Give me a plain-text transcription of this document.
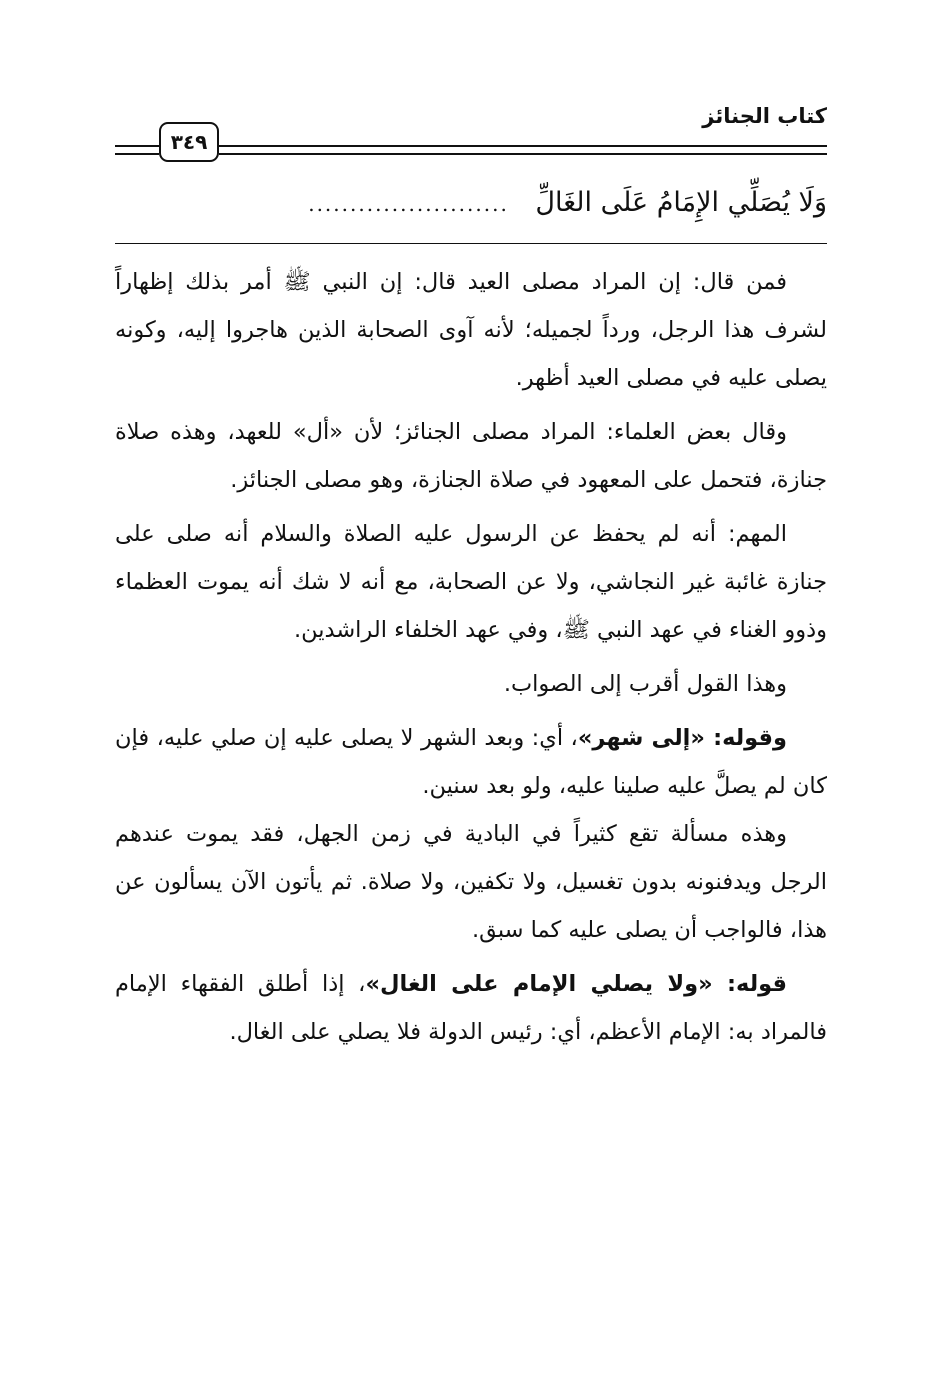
كتاب الجنائز
٣٤٩
وَلَا يُصَلِّي الإِمَامُ عَلَى الغَالِّ ........................

فمن قال: إن المراد مصلى العيد قال: إن النبي ﷺ أمر بذلك إظهاراً لشرف هذا الرجل، ورداً لجميله؛ لأنه آوى الصحابة الذين هاجروا إليه، وكونه يصلى عليه في مصلى العيد أظهر.

وقال بعض العلماء: المراد مصلى الجنائز؛ لأن «أل» للعهد، وهذه صلاة جنازة، فتحمل على المعهود في صلاة الجنازة، وهو مصلى الجنائز.

المهم: أنه لم يحفظ عن الرسول عليه الصلاة والسلام أنه صلى على جنازة غائبة غير النجاشي، ولا عن الصحابة، مع أنه لا شك أنه يموت العظماء وذوو الغناء في عهد النبي ﷺ، وفي عهد الخلفاء الراشدين.

وهذا القول أقرب إلى الصواب.

وقوله: «إلى شهر»، أي: وبعد الشهر لا يصلى عليه إن صلي عليه، فإن كان لم يصلَّ عليه صلينا عليه، ولو بعد سنين.

وهذه مسألة تقع كثيراً في البادية في زمن الجهل، فقد يموت عندهم الرجل ويدفنونه بدون تغسيل، ولا تكفين، ولا صلاة. ثم يأتون الآن يسألون عن هذا، فالواجب أن يصلى عليه كما سبق.

قوله: «ولا يصلي الإمام على الغال»، إذا أطلق الفقهاء الإمام فالمراد به: الإمام الأعظم، أي: رئيس الدولة فلا يصلي على الغال.
